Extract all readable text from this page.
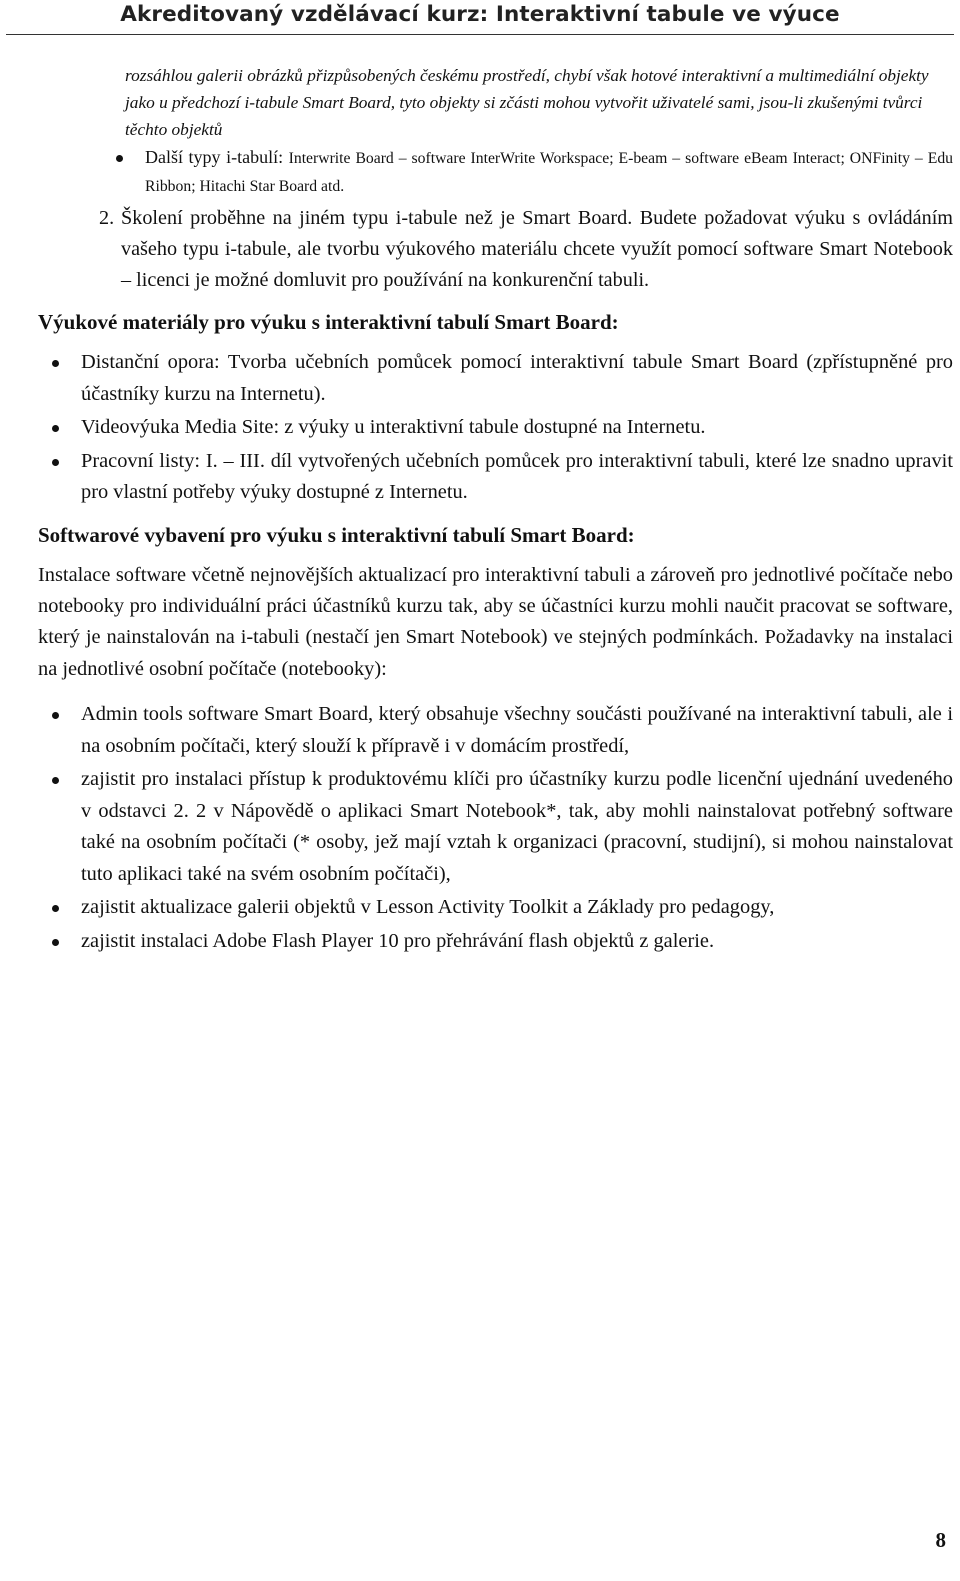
Akreditovaný vzdělávací kurz: Interaktivní tabule ve výuce
rozsáhlou galerii obrázků přizpůsobených českému prostředí, chybí však hotové interaktivní a multimediální objekty jako u předchozí i-tabule Smart Board, tyto objekty si zčásti mohou vytvořit uživatelé sami, jsou-li zkušenými tvůrci těchto objektů
Další typy i-tabulí: Interwrite Board – software InterWrite Workspace; E-beam – software eBeam Interact; ONFinity – Edu Ribbon; Hitachi Star Board atd.
2. Školení proběhne na jiném typu i-tabule než je Smart Board. Budete požadovat výuku s ovládáním vašeho typu i-tabule, ale tvorbu výukového materiálu chcete využít pomocí software Smart Notebook – licenci je možné domluvit pro používání na konkurenční tabuli.
Výukové materiály pro výuku s interaktivní tabulí Smart Board:
Distanční opora: Tvorba učebních pomůcek pomocí interaktivní tabule Smart Board (zpřístupněné pro účastníky kurzu na Internetu).
Videovýuka Media Site: z výuky u interaktivní tabule dostupné na Internetu.
Pracovní listy: I. – III. díl vytvořených učebních pomůcek pro interaktivní tabuli, které lze snadno upravit pro vlastní potřeby výuky dostupné z Internetu.
Softwarové vybavení pro výuku s interaktivní tabulí Smart Board:
Instalace software včetně nejnovějších aktualizací pro interaktivní tabuli a zároveň pro jednotlivé počítače nebo notebooky pro individuální práci účastníků kurzu tak, aby se účastníci kurzu mohli naučit pracovat se software, který je nainstalován na i-tabuli (nestačí jen Smart Notebook) ve stejných podmínkách. Požadavky na instalaci na jednotlivé osobní počítače (notebooky):
Admin tools software Smart Board, který obsahuje všechny součásti používané na interaktivní tabuli, ale i na osobním počítači, který slouží k přípravě i v domácím prostředí,
zajistit pro instalaci přístup k produktovému klíči pro účastníky kurzu podle licenční ujednání uvedeného v odstavci 2. 2 v Nápovědě o aplikaci Smart Notebook*, tak, aby mohli nainstalovat potřebný software také na osobním počítači (* osoby, jež mají vztah k organizaci (pracovní, studijní), si mohou nainstalovat tuto aplikaci také na svém osobním počítači),
zajistit aktualizace galerii objektů v Lesson Activity Toolkit a Základy pro pedagogy,
zajistit instalaci Adobe Flash Player 10 pro přehrávání flash objektů z galerie.
8
